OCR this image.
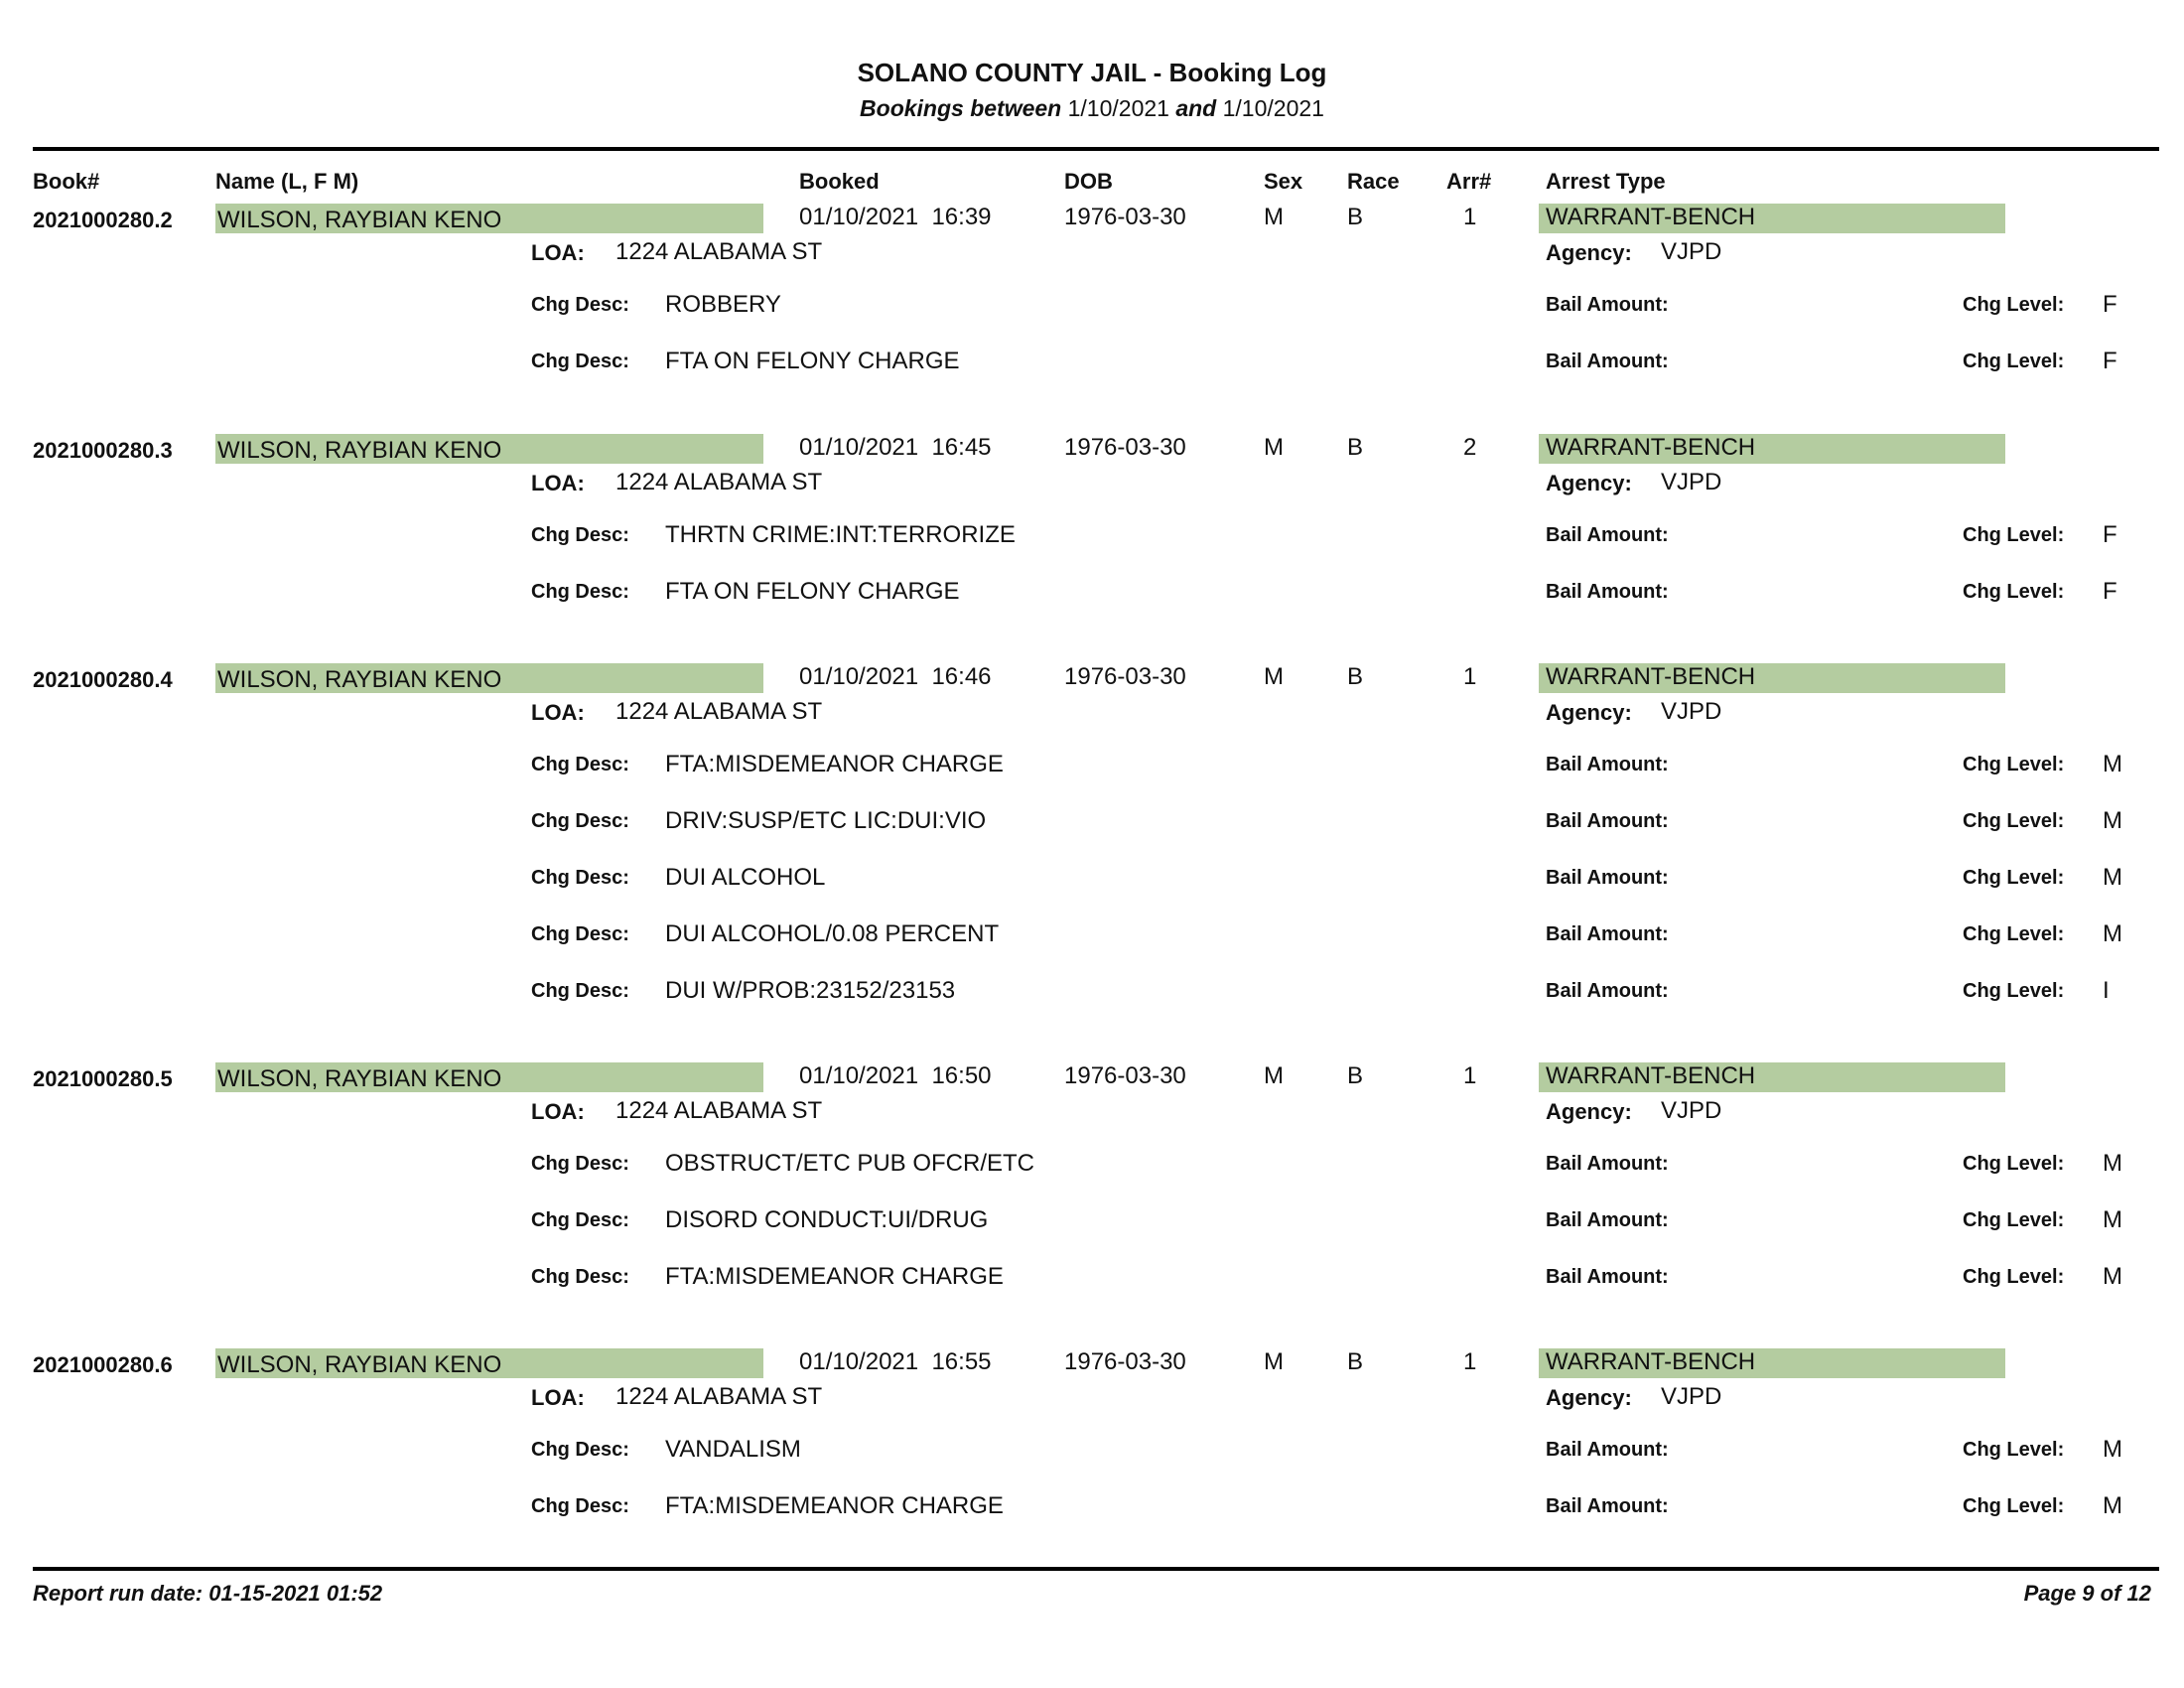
SOLANO COUNTY JAIL - Booking Log
Bookings between 1/10/2021 and 1/10/2021
Book#	Name (L, F M)	Booked	DOB	Sex Race Arr# Arrest Type
2021000280.2 WILSON, RAYBIAN KENO	01/10/2021  16:39	1976-03-30	M	B	1	WARRANT-BENCH
LOA: 1224 ALABAMA ST	Agency: VJPD
Chg Desc: ROBBERY	Bail Amount:	Chg Level: F
Chg Desc: FTA ON FELONY CHARGE	Bail Amount:	Chg Level: F
2021000280.3 WILSON, RAYBIAN KENO	01/10/2021  16:45	1976-03-30	M	B	2	WARRANT-BENCH
LOA: 1224 ALABAMA ST	Agency: VJPD
Chg Desc: THRTN CRIME:INT:TERRORIZE	Bail Amount:	Chg Level: F
Chg Desc: FTA ON FELONY CHARGE	Bail Amount:	Chg Level: F
2021000280.4 WILSON, RAYBIAN KENO	01/10/2021  16:46	1976-03-30	M	B	1	WARRANT-BENCH
LOA: 1224 ALABAMA ST	Agency: VJPD
Chg Desc: FTA:MISDEMEANOR CHARGE	Bail Amount:	Chg Level: M
Chg Desc: DRIV:SUSP/ETC LIC:DUI:VIO	Bail Amount:	Chg Level: M
Chg Desc: DUI ALCOHOL	Bail Amount:	Chg Level: M
Chg Desc: DUI ALCOHOL/0.08 PERCENT	Bail Amount:	Chg Level: M
Chg Desc: DUI W/PROB:23152/23153	Bail Amount:	Chg Level: I
2021000280.5 WILSON, RAYBIAN KENO	01/10/2021  16:50	1976-03-30	M	B	1	WARRANT-BENCH
LOA: 1224 ALABAMA ST	Agency: VJPD
Chg Desc: OBSTRUCT/ETC PUB OFCR/ETC	Bail Amount:	Chg Level: M
Chg Desc: DISORD CONDUCT:UI/DRUG	Bail Amount:	Chg Level: M
Chg Desc: FTA:MISDEMEANOR CHARGE	Bail Amount:	Chg Level: M
2021000280.6 WILSON, RAYBIAN KENO	01/10/2021  16:55	1976-03-30	M	B	1	WARRANT-BENCH
LOA: 1224 ALABAMA ST	Agency: VJPD
Chg Desc: VANDALISM	Bail Amount:	Chg Level: M
Chg Desc: FTA:MISDEMEANOR CHARGE	Bail Amount:	Chg Level: M
Report run date: 01-15-2021 01:52	Page 9 of 12
